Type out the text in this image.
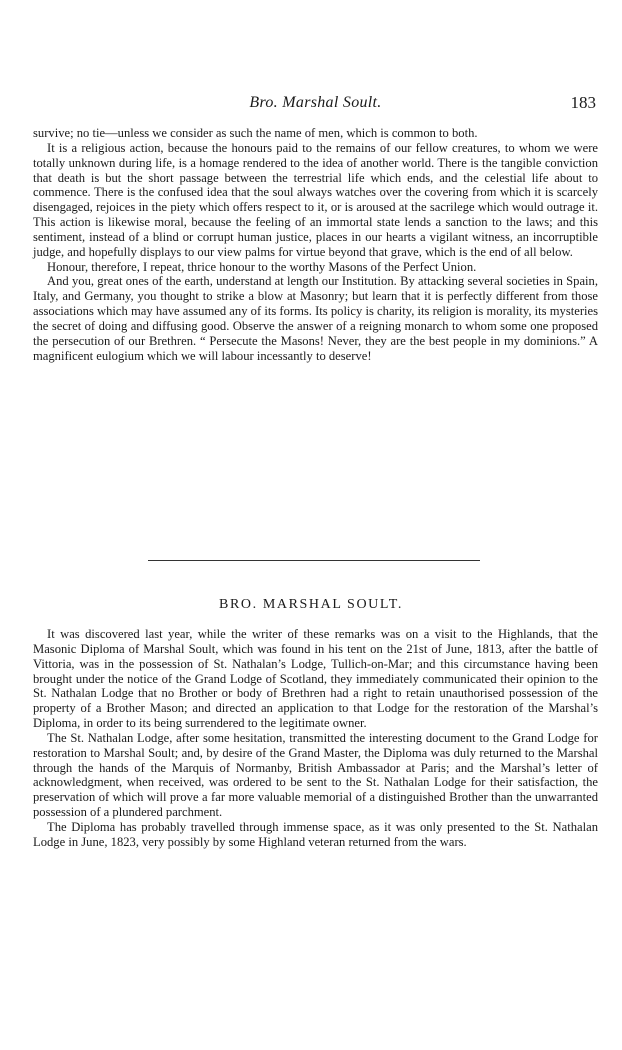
Bro. Marshal Soult.	183

survive; no tie—unless we consider as such the name of men, which is common to both.

It is a religious action, because the honours paid to the remains of our fellow creatures, to whom we were totally unknown during life, is a homage rendered to the idea of another world. There is the tangible conviction that death is but the short passage between the terrestrial life which ends, and the celestial life about to commence. There is the confused idea that the soul always watches over the covering from which it is scarcely disengaged, rejoices in the piety which offers respect to it, or is aroused at the sacrilege which would outrage it. This action is likewise moral, because the feeling of an immortal state lends a sanction to the laws; and this sentiment, instead of a blind or corrupt human justice, places in our hearts a vigilant witness, an incorruptible judge, and hopefully displays to our view palms for virtue beyond that grave, which is the end of all below.

Honour, therefore, I repeat, thrice honour to the worthy Masons of the Perfect Union.

And you, great ones of the earth, understand at length our Institution. By attacking several societies in Spain, Italy, and Germany, you thought to strike a blow at Masonry; but learn that it is perfectly different from those associations which may have assumed any of its forms. Its policy is charity, its religion is morality, its mysteries the secret of doing and diffusing good. Observe the answer of a reigning monarch to whom some one proposed the persecution of our Brethren. “ Persecute the Masons! Never, they are the best people in my dominions.” A magnificent eulogium which we will labour incessantly to deserve!

BRO. MARSHAL SOULT.

It was discovered last year, while the writer of these remarks was on a visit to the Highlands, that the Masonic Diploma of Marshal Soult, which was found in his tent on the 21st of June, 1813, after the battle of Vittoria, was in the possession of St. Nathalan’s Lodge, Tullich-on-Mar; and this circumstance having been brought under the notice of the Grand Lodge of Scotland, they immediately communicated their opinion to the St. Nathalan Lodge that no Brother or body of Brethren had a right to retain unauthorised possession of the property of a Brother Mason; and directed an application to that Lodge for the restoration of the Marshal’s Diploma, in order to its being surrendered to the legitimate owner.

The St. Nathalan Lodge, after some hesitation, transmitted the interesting document to the Grand Lodge for restoration to Marshal Soult; and, by desire of the Grand Master, the Diploma was duly returned to the Marshal through the hands of the Marquis of Normanby, British Ambassador at Paris; and the Marshal’s letter of acknowledgment, when received, was ordered to be sent to the St. Nathalan Lodge for their satisfaction, the preservation of which will prove a far more valuable memorial of a distinguished Brother than the unwarranted possession of a plundered parchment.

The Diploma has probably travelled through immense space, as it was only presented to the St. Nathalan Lodge in June, 1823, very possibly by some Highland veteran returned from the wars.
